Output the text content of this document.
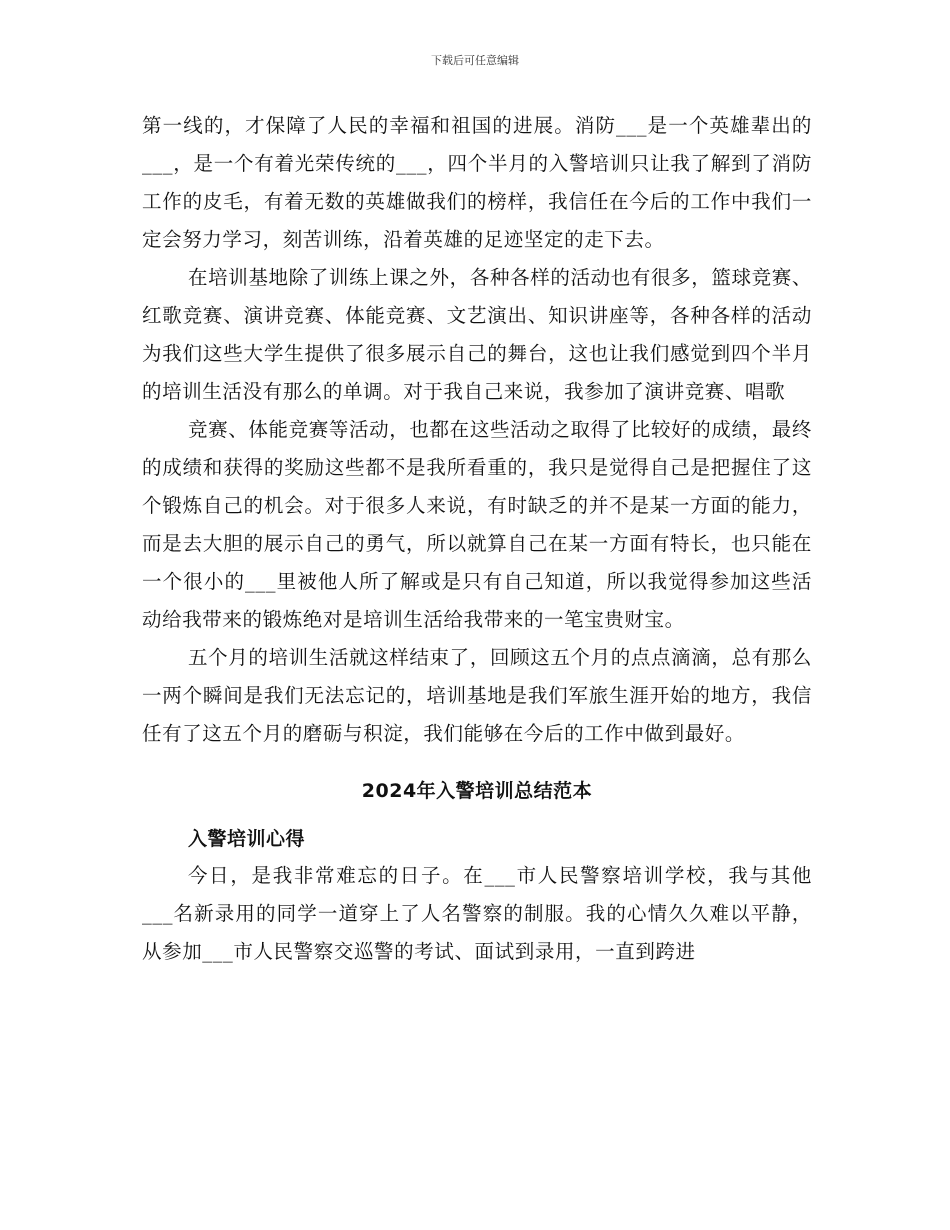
下载后可任意编辑

第一线的，才保障了人民的幸福和祖国的进展。消防___是一个英雄辈出的___，是一个有着光荣传统的___，四个半月的入警培训只让我了解到了消防工作的皮毛，有着无数的英雄做我们的榜样，我信任在今后的工作中我们一定会努力学习，刻苦训练，沿着英雄的足迹坚定的走下去。

在培训基地除了训练上课之外，各种各样的活动也有很多，篮球竞赛、红歌竞赛、演讲竞赛、体能竞赛、文艺演出、知识讲座等，各种各样的活动为我们这些大学生提供了很多展示自己的舞台，这也让我们感觉到四个半月的培训生活没有那么的单调。对于我自己来说，我参加了演讲竞赛、唱歌

竞赛、体能竞赛等活动，也都在这些活动之取得了比较好的成绩，最终的成绩和获得的奖励这些都不是我所看重的，我只是觉得自己是把握住了这个锻炼自己的机会。对于很多人来说，有时缺乏的并不是某一方面的能力，而是去大胆的展示自己的勇气，所以就算自己在某一方面有特长，也只能在一个很小的___里被他人所了解或是只有自己知道，所以我觉得参加这些活动给我带来的锻炼绝对是培训生活给我带来的一笔宝贵财宝。

五个月的培训生活就这样结束了，回顾这五个月的点点滴滴，总有那么一两个瞬间是我们无法忘记的，培训基地是我们军旅生涯开始的地方，我信任有了这五个月的磨砺与积淀，我们能够在今后的工作中做到最好。

2024年入警培训总结范本
入警培训心得

今日，是我非常难忘的日子。在___市人民警察培训学校，我与其他___名新录用的同学一道穿上了人名警察的制服。我的心情久久难以平静，从参加___市人民警察交巡警的考试、面试到录用，一直到跨进
